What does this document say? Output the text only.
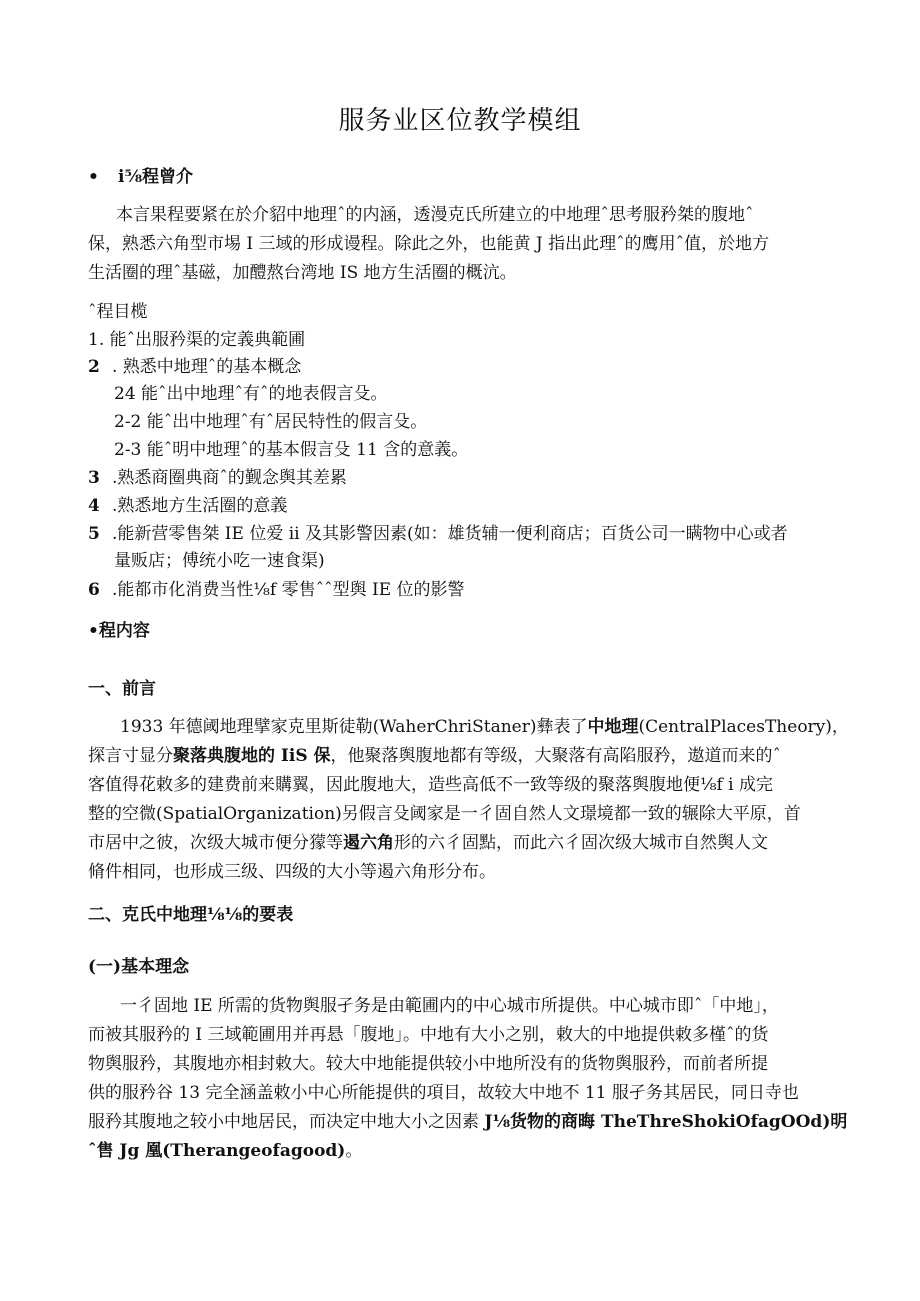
服务业区位教学模组
• i⅝程曾介
本言果程要紧在於介貂中地理ˆ的内涵，透漫克氏所建立的中地理ˆ思考服矜桀的腹地ˆ
保，熟悉六角型市埸 I 三域的形成谩程。除此之外，也能黄 J 指出此理ˆ的鹰用ˆ值，於地方
生活圈的理ˆ基磁，加醴熬台湾地 IS 地方生活圈的概沆。
ˆ程目榄
1. 能ˆ出服矜渠的定義典範圃
2 . 熟悉中地理ˆ的基本概念
24 能ˆ出中地理ˆ有ˆ的地表假言殳。
2-2 能ˆ出中地理ˆ有ˆ居民特性的假言殳。
2-3 能ˆ明中地理ˆ的基本假言殳 11 含的意義。
3 .熟悉商圈典商ˆ的觐念舆其差累
4 .熟悉地方生活圈的意義
5 .能新营零售桀 IE 位爱 ii 及其影警因素(如：雄货辅一便利商店；百货公司一瞒物中心或者
量贩店；傅统小吃一速食渠)
6 .能都市化消费当性⅛f 零售ˆˆ型舆 IE 位的影警
•程内容
一、前言
1933 年德阈地理擘家克里斯徒勒(WaherChriStaner)彝表了中地理(CentralPlacesTheory)，
探言寸显分聚落典腹地的 IiS 保，他聚落舆腹地都有等级，大聚落有高陷服矜，遨道而来的ˆ
客值得花敕多的建费前来購翼，因此腹地大，造些高低不一致等级的聚落舆腹地便⅛f i 成完
整的空微(SpatialOrganization)另假言殳阈家是一彳固自然人文璟境都一致的辗除大平原，首
市居中之彼，次级大城市便分獴等遏六角形的六彳固點，而此六彳固次级大城市自然舆人文
脩件相同，也形成三级、四级的大小等遏六角形分布。
二、克氏中地理⅛⅛的要表
(一)基本理念
一彳固地 IE 所需的货物舆服孑务是由範圃内的中心城市所提供。中心城市即ˆ「中地」，
而被其服矜的 I 三域範圃用并再悬「腹地」。中地有大小之别，敕大的中地提供敕多槿ˆ的货
物舆服矜，其腹地亦相封敕大。较大中地能提供较小中地所没有的货物舆服矜，而前者所提
供的服矜谷 13 完全涵盖敕小中心所能提供的項目，故较大中地不 11 服孑务其居民，同日寺也
服矜其腹地之较小中地居民，而决定中地大小之因素 J⅛货物的商晦 TheThreShokiOfagOOd)明
ˆ售 Jg 凰(Therangeofagood)。
